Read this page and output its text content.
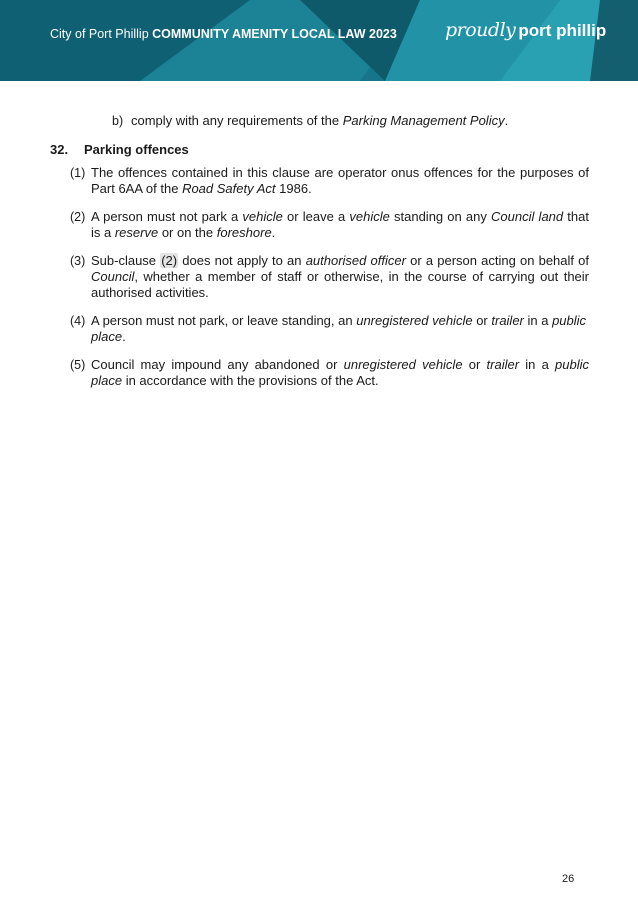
City of Port Phillip COMMUNITY AMENITY LOCAL LAW 2023	proudly port phillip
b) comply with any requirements of the Parking Management Policy.
32. Parking offences
(1) The offences contained in this clause are operator onus offences for the purposes of Part 6AA of the Road Safety Act 1986.
(2) A person must not park a vehicle or leave a vehicle standing on any Council land that is a reserve or on the foreshore.
(3) Sub-clause (2) does not apply to an authorised officer or a person acting on behalf of Council, whether a member of staff or otherwise, in the course of carrying out their authorised activities.
(4) A person must not park, or leave standing, an unregistered vehicle or trailer in a public place.
(5) Council may impound any abandoned or unregistered vehicle or trailer in a public place in accordance with the provisions of the Act.
26
